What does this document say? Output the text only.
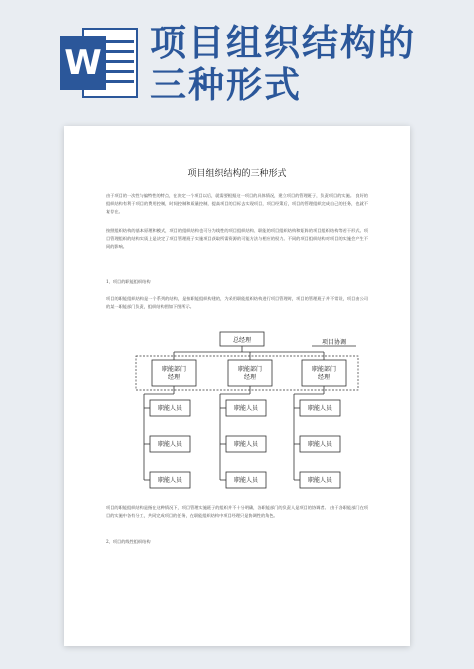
W 项目组织结构的三种形式
项目组织结构的三种形式

由于项目的一次性与偏特性的特点，在决定一个项目以后，就需要根据这一项目的具体情况，建立项目的管理班子，负责项目的实施。 良好的组织结构有利于项目的费用控制，时间控制和质量控制，提高项目的目标去实现项目，项目经策后，项目的管理组织完成自己的任务，也就不复存在。

按照组织结构的基本原理和模式，项目的组织结构也可分为线性的项目组织结构、职能的项目组织结构和矩阵的项目组织结构等若干形式。项目管理组织的结构实质上是决定了项目管理班子实施项目获取所需资源的可能方法与相应的权力。不同的项目组织结构对项目的实施会产生不同的影响。

1、项目的职能组织结构

项目的职能组织结构是一个系列的结构，是按职能组织构建的，为采用职能组织结构进行项目管理时，项目的管理班子并不常设，项目由公司的某一职能部门负责，组织结构图如下图所示。

总经理	项目协调
职能部门
经理
职能人员
职能人员
职能人员
职能部门
经理
职能人员
职能人员
职能人员
职能部门
经理
职能人员
职能人员
职能人员

项目的职能组织结构是指在这种情况下，项目管理实施班子的组织并不十分明确，各职能部门的负责人是项目的协调者。 由于各职能部门在项目的实施中各有分工，共同完成项目的任务，在职能组织结构中项目经理只是协调性的角色。

2、项目的线性组织结构
